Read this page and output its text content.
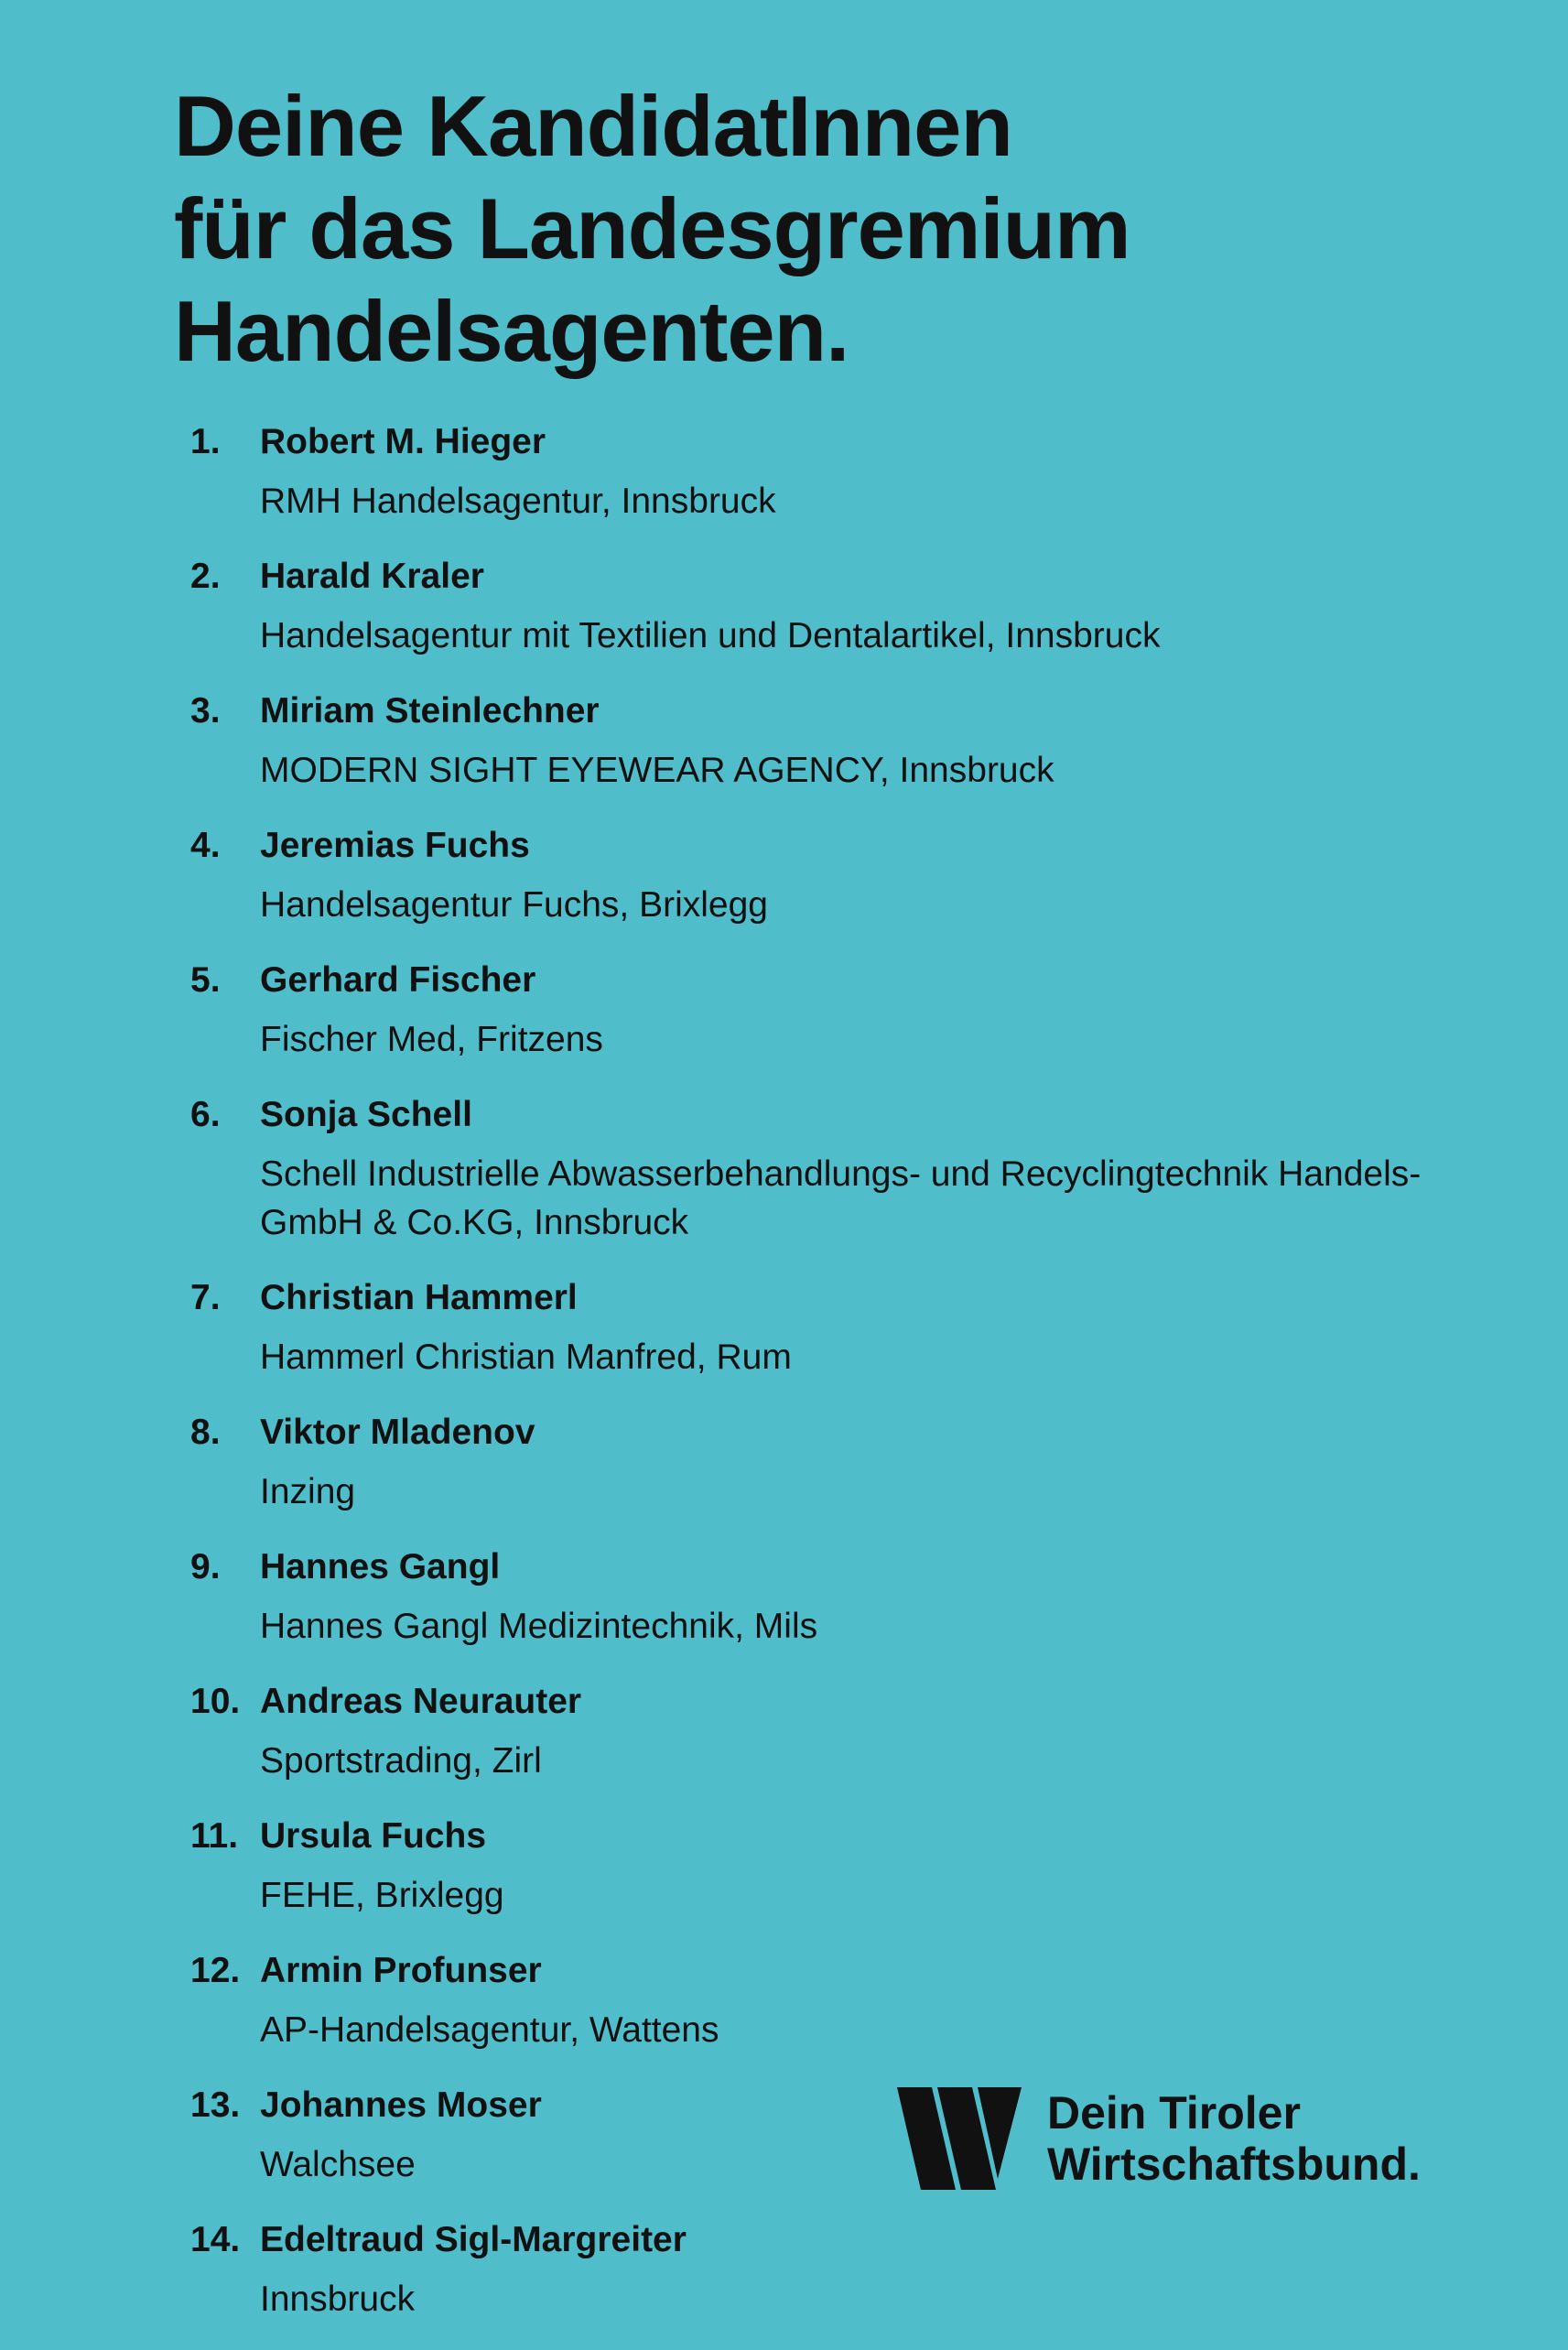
Deine KandidatInnen
für das Landesgremium
Handelsagenten.
1. Robert M. Hieger
RMH Handelsagentur, Innsbruck
2. Harald Kraler
Handelsagentur mit Textilien und Dentalartikel, Innsbruck
3. Miriam Steinlechner
MODERN SIGHT EYEWEAR AGENCY, Innsbruck
4. Jeremias Fuchs
Handelsagentur Fuchs, Brixlegg
5. Gerhard Fischer
Fischer Med, Fritzens
6. Sonja Schell
Schell Industrielle Abwasserbehandlungs- und Recyclingtechnik Handels-GmbH & Co.KG, Innsbruck
7. Christian Hammerl
Hammerl Christian Manfred, Rum
8. Viktor Mladenov
Inzing
9. Hannes Gangl
Hannes Gangl Medizintechnik, Mils
10. Andreas Neurauter
Sportstrading, Zirl
11. Ursula Fuchs
FEHE, Brixlegg
12. Armin Profunser
AP-Handelsagentur, Wattens
13. Johannes Moser
Walchsee
14. Edeltraud Sigl-Margreiter
Innsbruck
Dein Tiroler
Wirtschaftsbund.
